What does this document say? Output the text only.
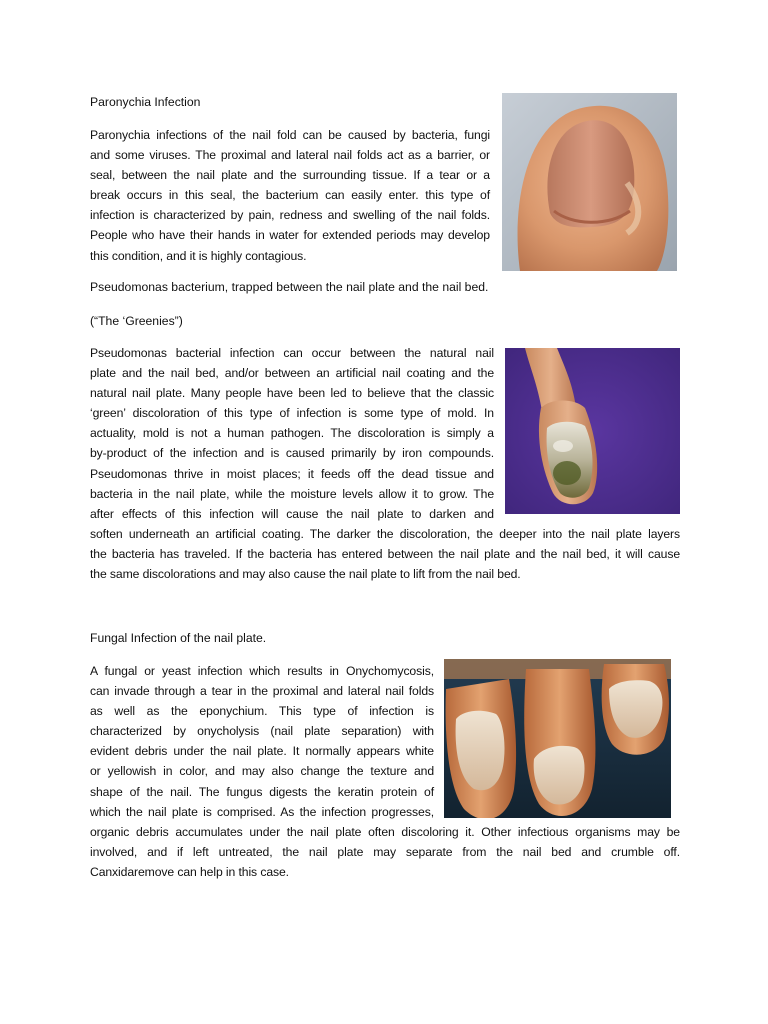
Paronychia Infection
Paronychia infections of the nail fold can be caused by bacteria, fungi
and some viruses. The proximal and lateral nail folds act as a barrier, or
seal, between the nail plate and the surrounding tissue. If a tear or a
break occurs in this seal, the bacterium can easily enter. this type of
infection is characterized by pain, redness and swelling of the nail folds.
People who have their hands in water for extended periods may develop
this condition, and it is highly contagious.
Pseudomonas bacterium, trapped between the nail plate and the nail bed.
(“The ‘Greenies”)
Pseudomonas bacterial infection can occur between the natural nail
plate and the nail bed, and/or between an artificial nail coating and the
natural nail plate. Many people have been led to believe that the classic
‘green’ discoloration of this type of infection is some type of mold. In
actuality, mold is not a human pathogen. The discoloration is simply a
by-product of the infection and is caused primarily by iron compounds.
Pseudomonas thrive in moist places; it feeds off the dead tissue and
bacteria in the nail plate, while the moisture levels allow it to grow. The
after effects of this infection will cause the nail plate to darken and
soften underneath an artificial coating. The darker the discoloration, the deeper into the nail plate layers
the bacteria has traveled. If the bacteria has entered between the nail plate and the nail bed, it will cause
the same discolorations and may also cause the nail plate to lift from the nail bed.
Fungal Infection of the nail plate.
A fungal or yeast infection which results in Onychomycosis,
can invade through a tear in the proximal and lateral nail folds
as well as the eponychium. This type of infection is
characterized by onycholysis (nail plate separation) with
evident debris under the nail plate. It normally appears white
or yellowish in color, and may also change the texture and
shape of the nail. The fungus digests the keratin protein of
which the nail plate is comprised. As the infection progresses,
organic debris accumulates under the nail plate often discoloring it. Other infectious organisms may be
involved, and if left untreated, the nail plate may separate from the nail bed and crumble off.
Canxidaremove can help in this case.
